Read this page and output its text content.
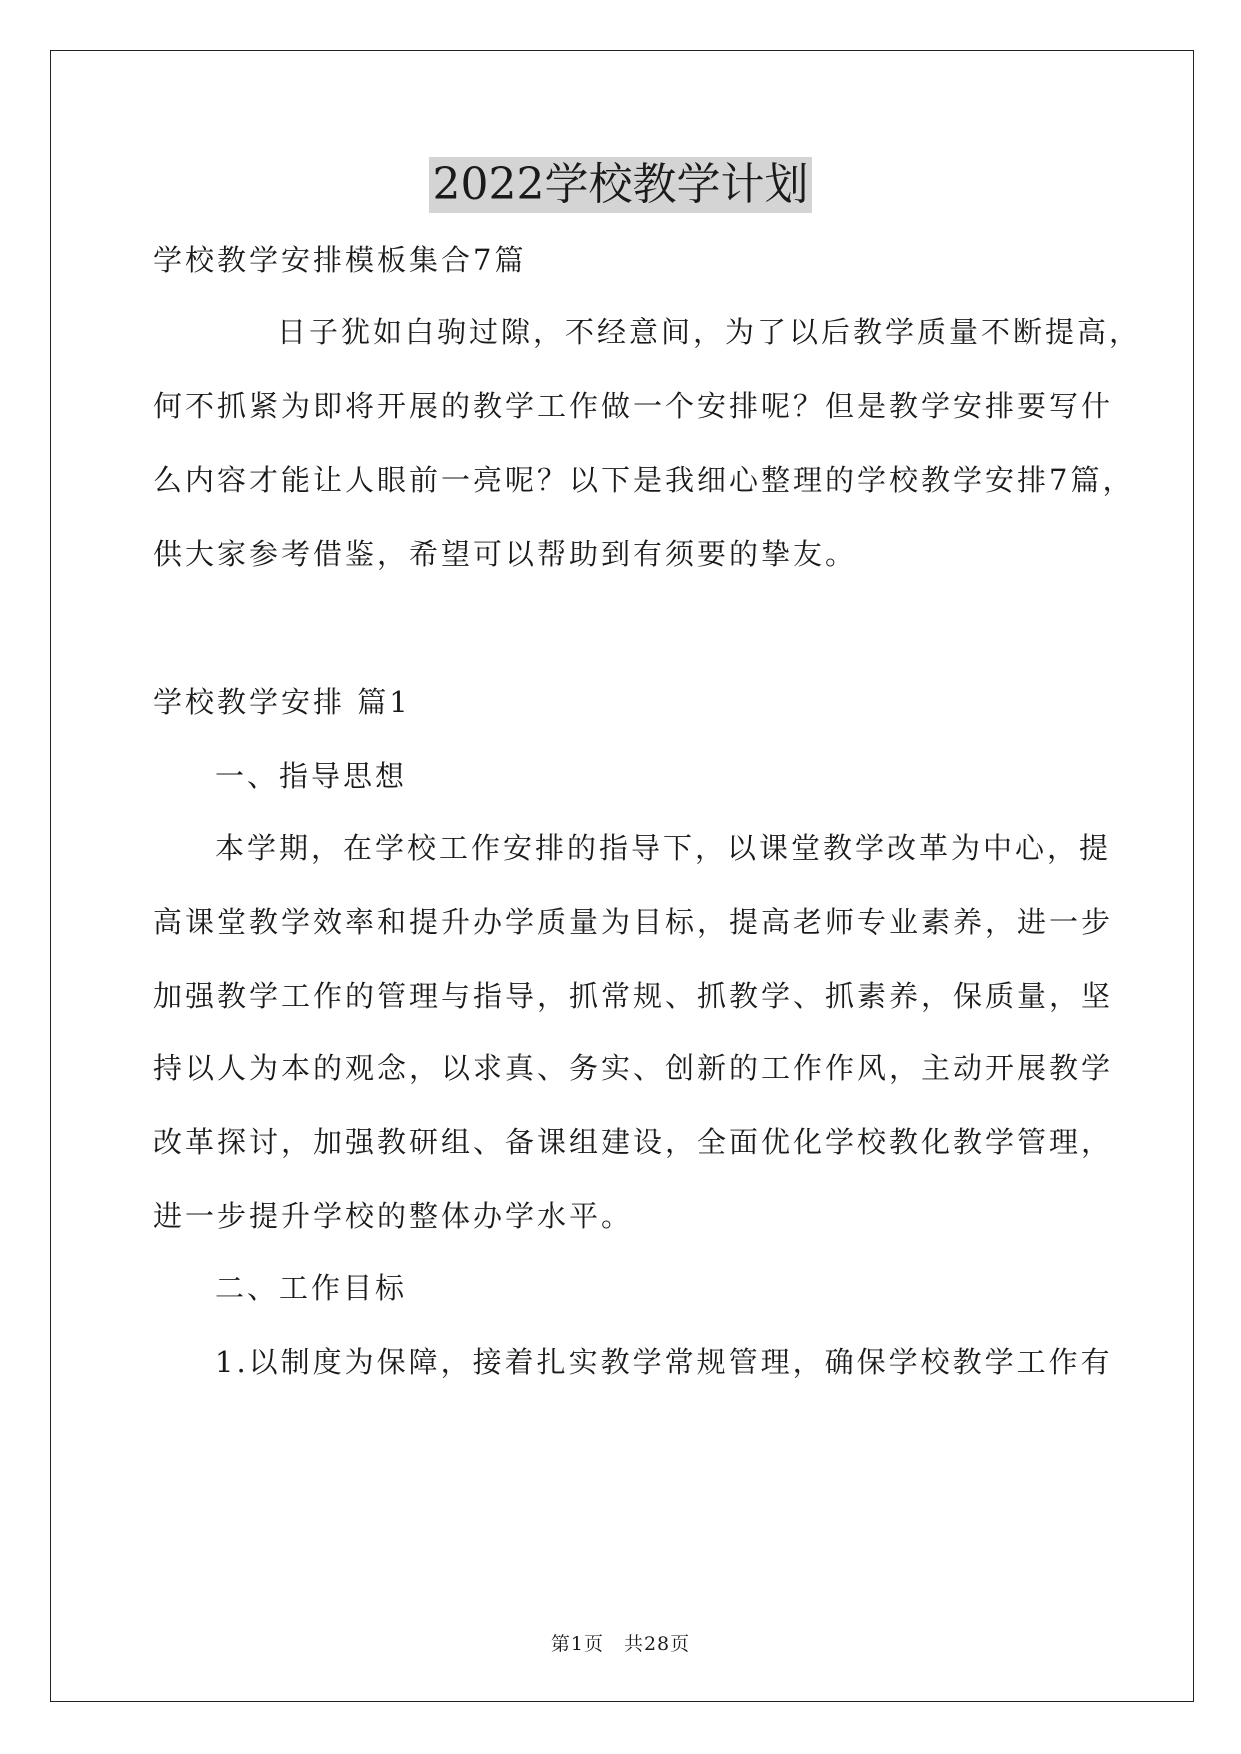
2022学校教学计划
学校教学安排模板集合7篇
日子犹如白驹过隙，不经意间，为了以后教学质量不断提高，
何不抓紧为即将开展的教学工作做一个安排呢？但是教学安排要写什
么内容才能让人眼前一亮呢？以下是我细心整理的学校教学安排7篇，
供大家参考借鉴，希望可以帮助到有须要的挚友。
学校教学安排 篇1
一、指导思想
本学期，在学校工作安排的指导下，以课堂教学改革为中心，提
高课堂教学效率和提升办学质量为目标，提高老师专业素养，进一步
加强教学工作的管理与指导，抓常规、抓教学、抓素养，保质量，坚
持以人为本的观念，以求真、务实、创新的工作作风，主动开展教学
改革探讨，加强教研组、备课组建设，全面优化学校教化教学管理，
进一步提升学校的整体办学水平。
二、工作目标
1.以制度为保障，接着扎实教学常规管理，确保学校教学工作有
第1页　共28页
